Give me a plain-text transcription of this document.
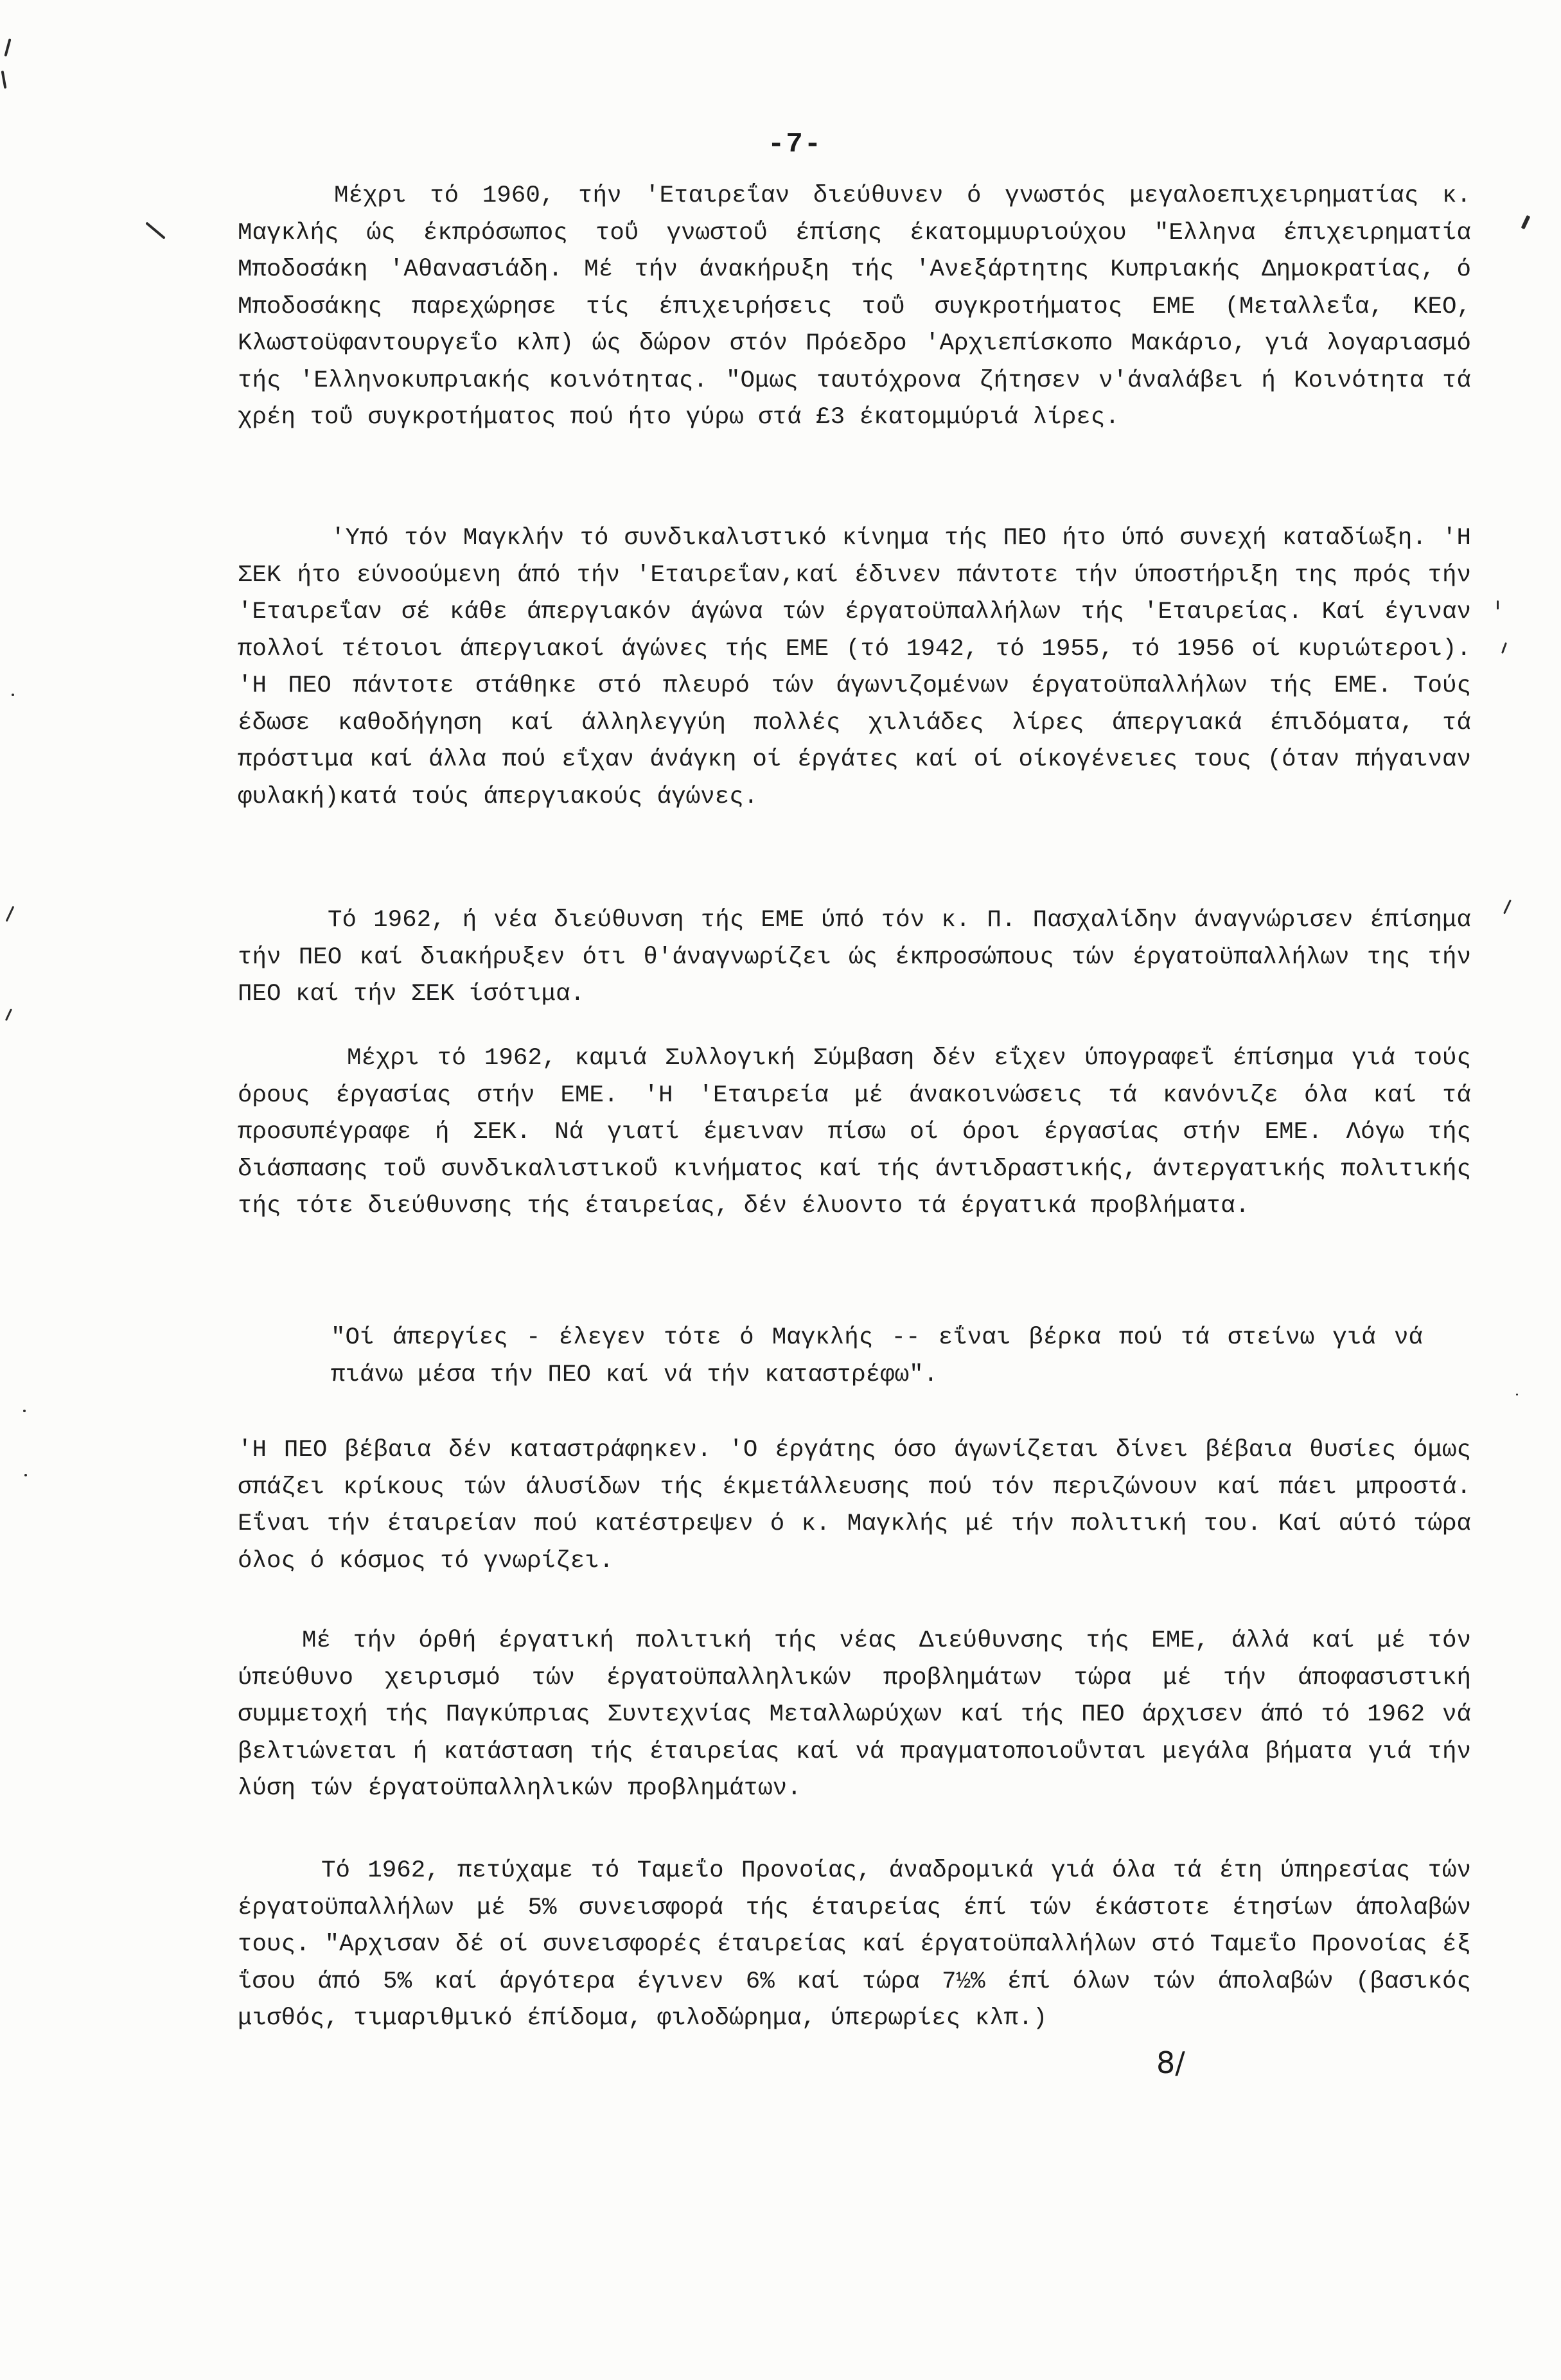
-7-

Μέχρι τό 1960, τήν 'Εταιρεΐαν διεύθυνεν ό γνωστός μεγαλοεπιχειρηματίας κ. Μαγκλής ώς έκπρόσωπος τοΰ γνωστοΰ έπίσης έκατομμυριούχου "Ελληνα έπιχειρηματία Μποδοσάκη 'Αθανασιάδη. Μέ τήν άνακήρυξη τής 'Ανεξάρτητης Κυπριακής Δημοκρατίας, ό Μποδοσάκης παρεχώρησε τίς έπιχειρήσεις τοΰ συγκροτήματος ΕΜΕ (Μεταλλεΐα, ΚΕΟ, Κλωστοϋφαντουργεΐο κλπ) ώς δώρον στόν Πρόεδρο 'Αρχιεπίσκοπο Μακάριο, γιά λογαριασμό τής 'Ελληνοκυπριακής κοινότητας. "Ομως ταυτόχρονα ζήτησεν ν'άναλάβει ή Κοινότητα τά χρέη τοΰ συγκροτήματος πού ήτο γύρω στά £3 έκατομμύριά λίρες.

'Υπό τόν Μαγκλήν τό συνδικαλιστικό κίνημα τής ΠΕΟ ήτο ύπό συνεχή καταδίωξη. 'Η ΣΕΚ ήτο εύνοούμενη άπό τήν 'Εταιρεΐαν,καί έδινεν πάντοτε τήν ύποστήριξη της πρός τήν 'Εταιρεΐαν σέ κάθε άπεργιακόν άγώνα τών έργατοϋπαλλήλων τής 'Εταιρείας. Καί έγιναν πολλοί τέτοιοι άπεργιακοί άγώνες τής ΕΜΕ (τό 1942, τό 1955, τό 1956 οί κυριώτεροι). 'Η ΠΕΟ πάντοτε στάθηκε στό πλευρό τών άγωνιζομένων έργατοϋπαλλήλων τής ΕΜΕ. Τούς έδωσε καθοδήγηση καί άλληλεγγύη πολλές χιλιάδες λίρες άπεργιακά έπιδόματα, τά πρόστιμα καί άλλα πού εΐχαν άνάγκη οί έργάτες καί οί οίκογένειες τους (όταν πήγαιναν φυλακή)κατά τούς άπεργιακούς άγώνες.

Τό 1962, ή νέα διεύθυνση τής ΕΜΕ ύπό τόν κ. Π. Πασχαλίδην άναγνώρισεν έπίσημα τήν ΠΕΟ καί διακήρυξεν ότι θ'άναγνωρίζει ώς έκπροσώπους τών έργατοϋπαλλήλων της τήν ΠΕΟ καί τήν ΣΕΚ ίσότιμα.

Μέχρι τό 1962, καμιά Συλλογική Σύμβαση δέν εΐχεν ύπογραφεΐ έπίσημα γιά τούς όρους έργασίας στήν ΕΜΕ. 'Η 'Εταιρεία μέ άνακοινώσεις τά κανόνιζε όλα καί τά προσυπέγραφε ή ΣΕΚ. Νά γιατί έμειναν πίσω οί όροι έργασίας στήν ΕΜΕ. Λόγω τής διάσπασης τοΰ συνδικαλιστικοΰ κινήματος καί τής άντιδραστικής, άντεργατικής πολιτικής τής τότε διεύθυνσης τής έταιρείας, δέν έλυοντο τά έργατικά προβλήματα.

"Οί άπεργίες - έλεγεν τότε ό Μαγκλής -- εΐναι βέρκα πού τά στείνω γιά νά πιάνω μέσα τήν ΠΕΟ καί νά τήν καταστρέφω".

'Η ΠΕΟ βέβαια δέν καταστράφηκεν. 'Ο έργάτης όσο άγωνίζεται δίνει βέβαια θυσίες όμως σπάζει κρίκους τών άλυσίδων τής έκμετάλλευσης πού τόν περιζώνουν καί πάει μπροστά. Εΐναι τήν έταιρείαν πού κατέστρεψεν ό κ. Μαγκλής μέ τήν πολιτική του. Καί αύτό τώρα όλος ό κόσμος τό γνωρίζει.

Μέ τήν όρθή έργατική πολιτική τής νέας Διεύθυνσης τής ΕΜΕ, άλλά καί μέ τόν ύπεύθυνο χειρισμό τών έργατοϋπαλληλικών προβλημάτων τώρα μέ τήν άποφασιστική συμμετοχή τής Παγκύπριας Συντεχνίας Μεταλλωρύχων καί τής ΠΕΟ άρχισεν άπό τό 1962 νά βελτιώνεται ή κατάσταση τής έταιρείας καί νά πραγματοποιοΰνται μεγάλα βήματα γιά τήν λύση τών έργατοϋπαλληλικών προβλημάτων.

Τό 1962, πετύχαμε τό Ταμεΐο Προνοίας, άναδρομικά γιά όλα τά έτη ύπηρεσίας τών έργατοϋπαλλήλων μέ 5% συνεισφορά τής έταιρείας έπί τών έκάστοτε έτησίων άπολαβών τους. "Αρχισαν δέ οί συνεισφορές έταιρείας καί έργατοϋπαλλήλων στό Ταμεΐο Προνοίας έξ ΐσου άπό 5% καί άργότερα έγινεν 6% καί τώρα 7½% έπί όλων τών άπολαβών (βασικός μισθός, τιμαριθμικό έπίδομα, φιλοδώρημα, ύπερωρίες κλπ.)

8/
